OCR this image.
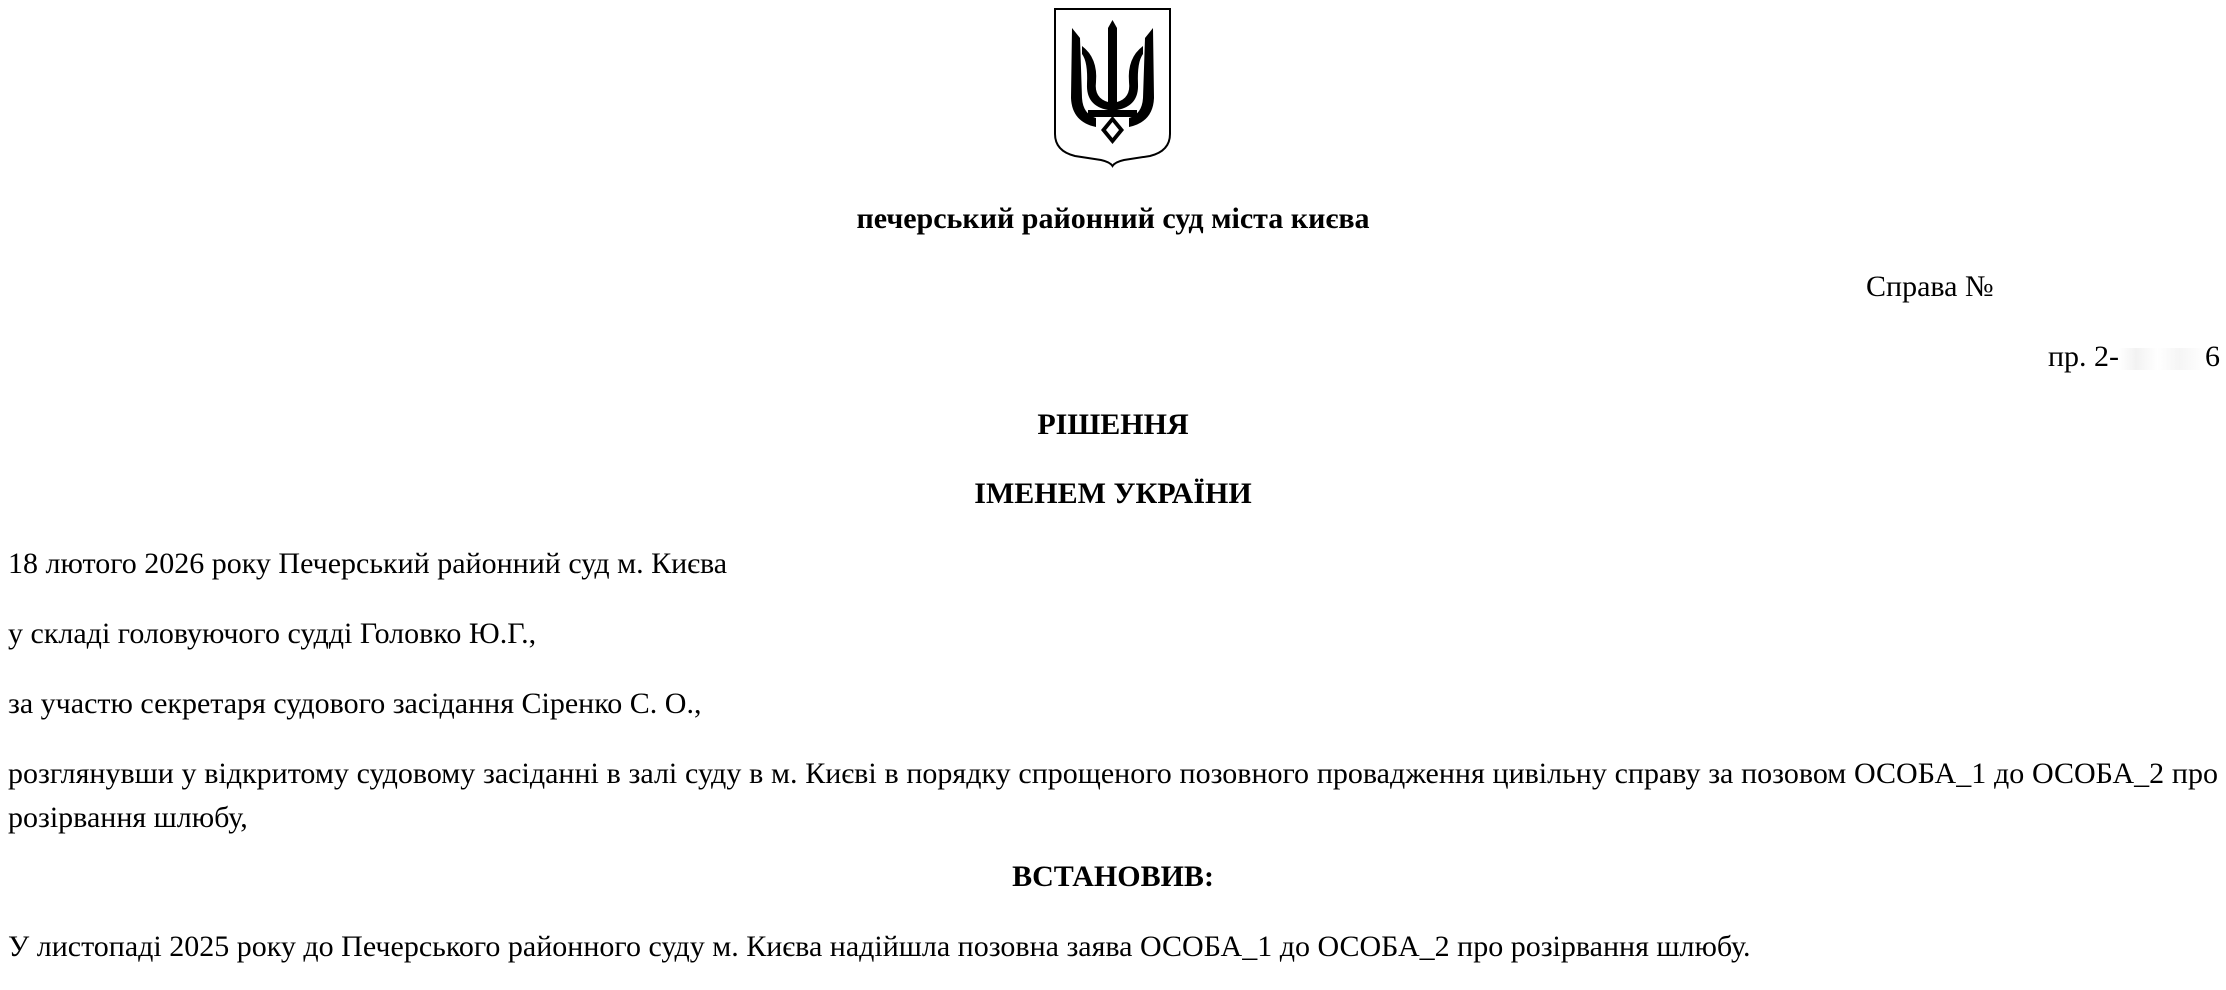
печерський районний суд міста києва
Справа №
пр. 2-	6
РІШЕННЯ
ІМЕНЕМ УКРАЇНИ
18 лютого 2026 року Печерський районний суд м. Києва
у складі головуючого судді Головко Ю.Г.,
за участю секретаря судового засідання Сіренко С. О.,
розглянувши у відкритому судовому засіданні в залі суду в м. Києві в порядку спрощеного позовного провадження цивільну справу за позовом ОСОБА_1 до ОСОБА_2 про розірвання шлюбу,
ВСТАНОВИВ:
У листопаді 2025 року до Печерського районного суду м. Києва надійшла позовна заява ОСОБА_1 до ОСОБА_2 про розірвання шлюбу.
